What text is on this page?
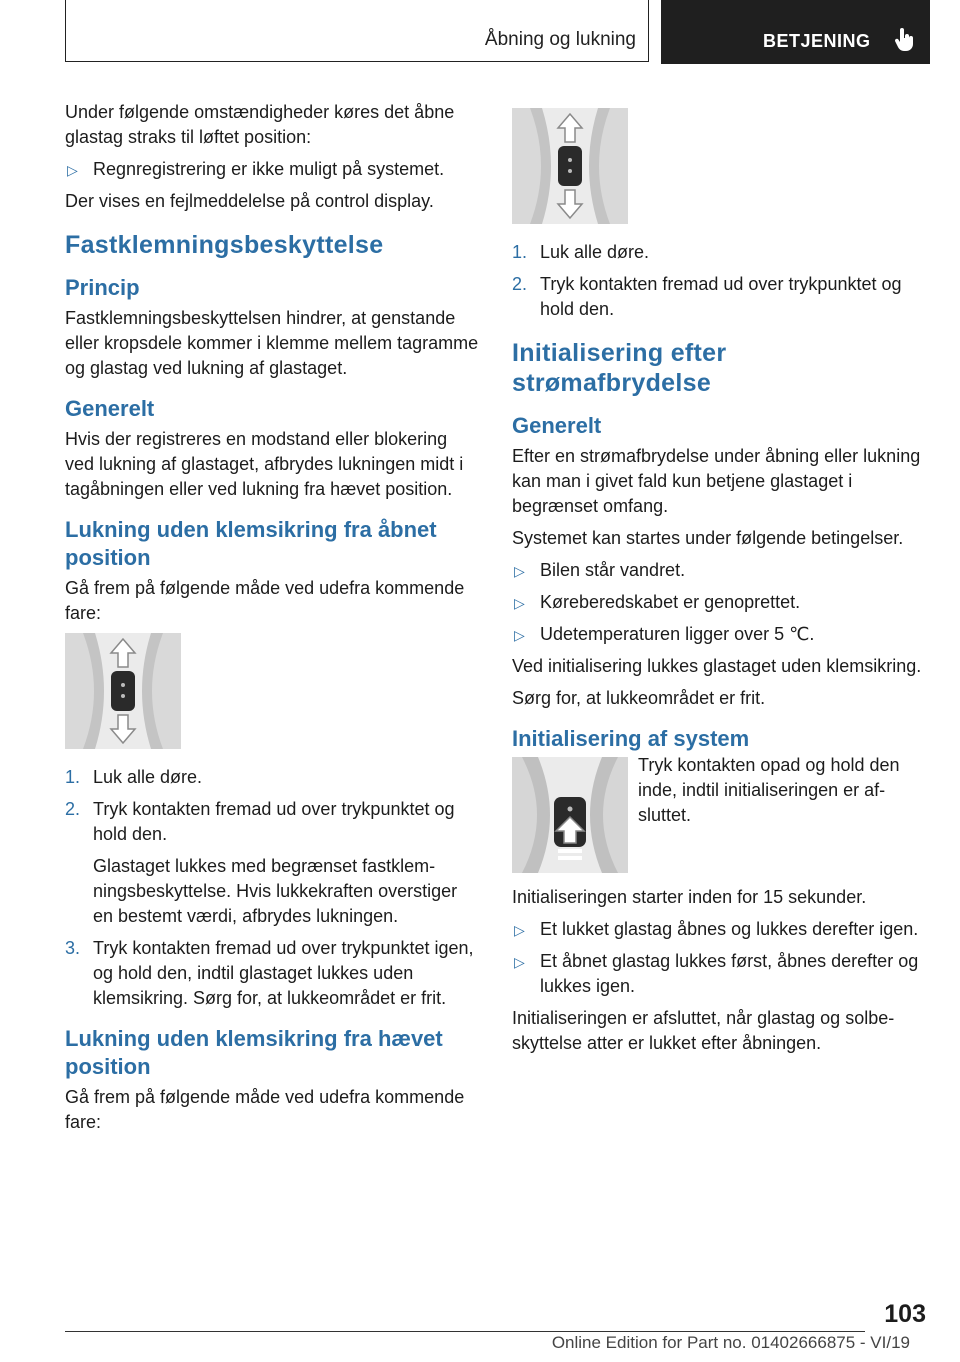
Åbning og lukning	BETJENING

Under følgende omstændigheder køres det åbne glastag straks til løftet position:

▷ Regnregistrering er ikke muligt på systemet.

Der vises en fejlmeddelelse på control display.

Fastklemningsbeskyttelse
Princip

Fastklemningsbeskyttelsen hindrer, at genstande eller kropsdele kommer i klemme mellem tagramme og glastag ved lukning af glastaget.

Generelt

Hvis der registreres en modstand eller blokering ved lukning af glastaget, afbrydes lukningen midt i tagåbningen eller ved lukning fra hævet position.

Lukning uden klemsikring fra åbnet position

Gå frem på følgende måde ved udefra kommende fare:

1. Luk alle døre.
2. Tryk kontakten fremad ud over trykpunktet og hold den.

Glastaget lukkes med begrænset fastklemningsbeskyttelse. Hvis lukkekraften overstiger en bestemt værdi, afbrydes lukningen.

3. Tryk kontakten fremad ud over trykpunktet igen, og hold den, indtil glastaget lukkes uden klemsikring. Sørg for, at lukkeområdet er frit.
Lukning uden klemsikring fra hævet position

Gå frem på følgende måde ved udefra kommende fare:

1. Luk alle døre.
2. Tryk kontakten fremad ud over trykpunktet og hold den.
Initialisering efter strømafbrydelse
Generelt

Efter en strømafbrydelse under åbning eller lukning kan man i givet fald kun betjene glastaget i begrænset omfang.

Systemet kan startes under følgende betingelser.

▷ Bilen står vandret.
▷ Køreberedskabet er genoprettet.
▷ Udetemperaturen ligger over 5 ℃.

Ved initialisering lukkes glastaget uden klemsikring.

Sørg for, at lukkeområdet er frit.

Initialisering af system

Tryk kontakten opad og hold den inde, indtil initialiseringen er afsluttet.

Initialiseringen starter inden for 15 sekunder.

▷ Et lukket glastag åbnes og lukkes derefter igen.
▷ Et åbnet glastag lukkes først, åbnes derefter og lukkes igen.

Initialiseringen er afsluttet, når glastag og solbeskyttelse atter er lukket efter åbningen.

103
Online Edition for Part no. 01402666875 - VI/19
